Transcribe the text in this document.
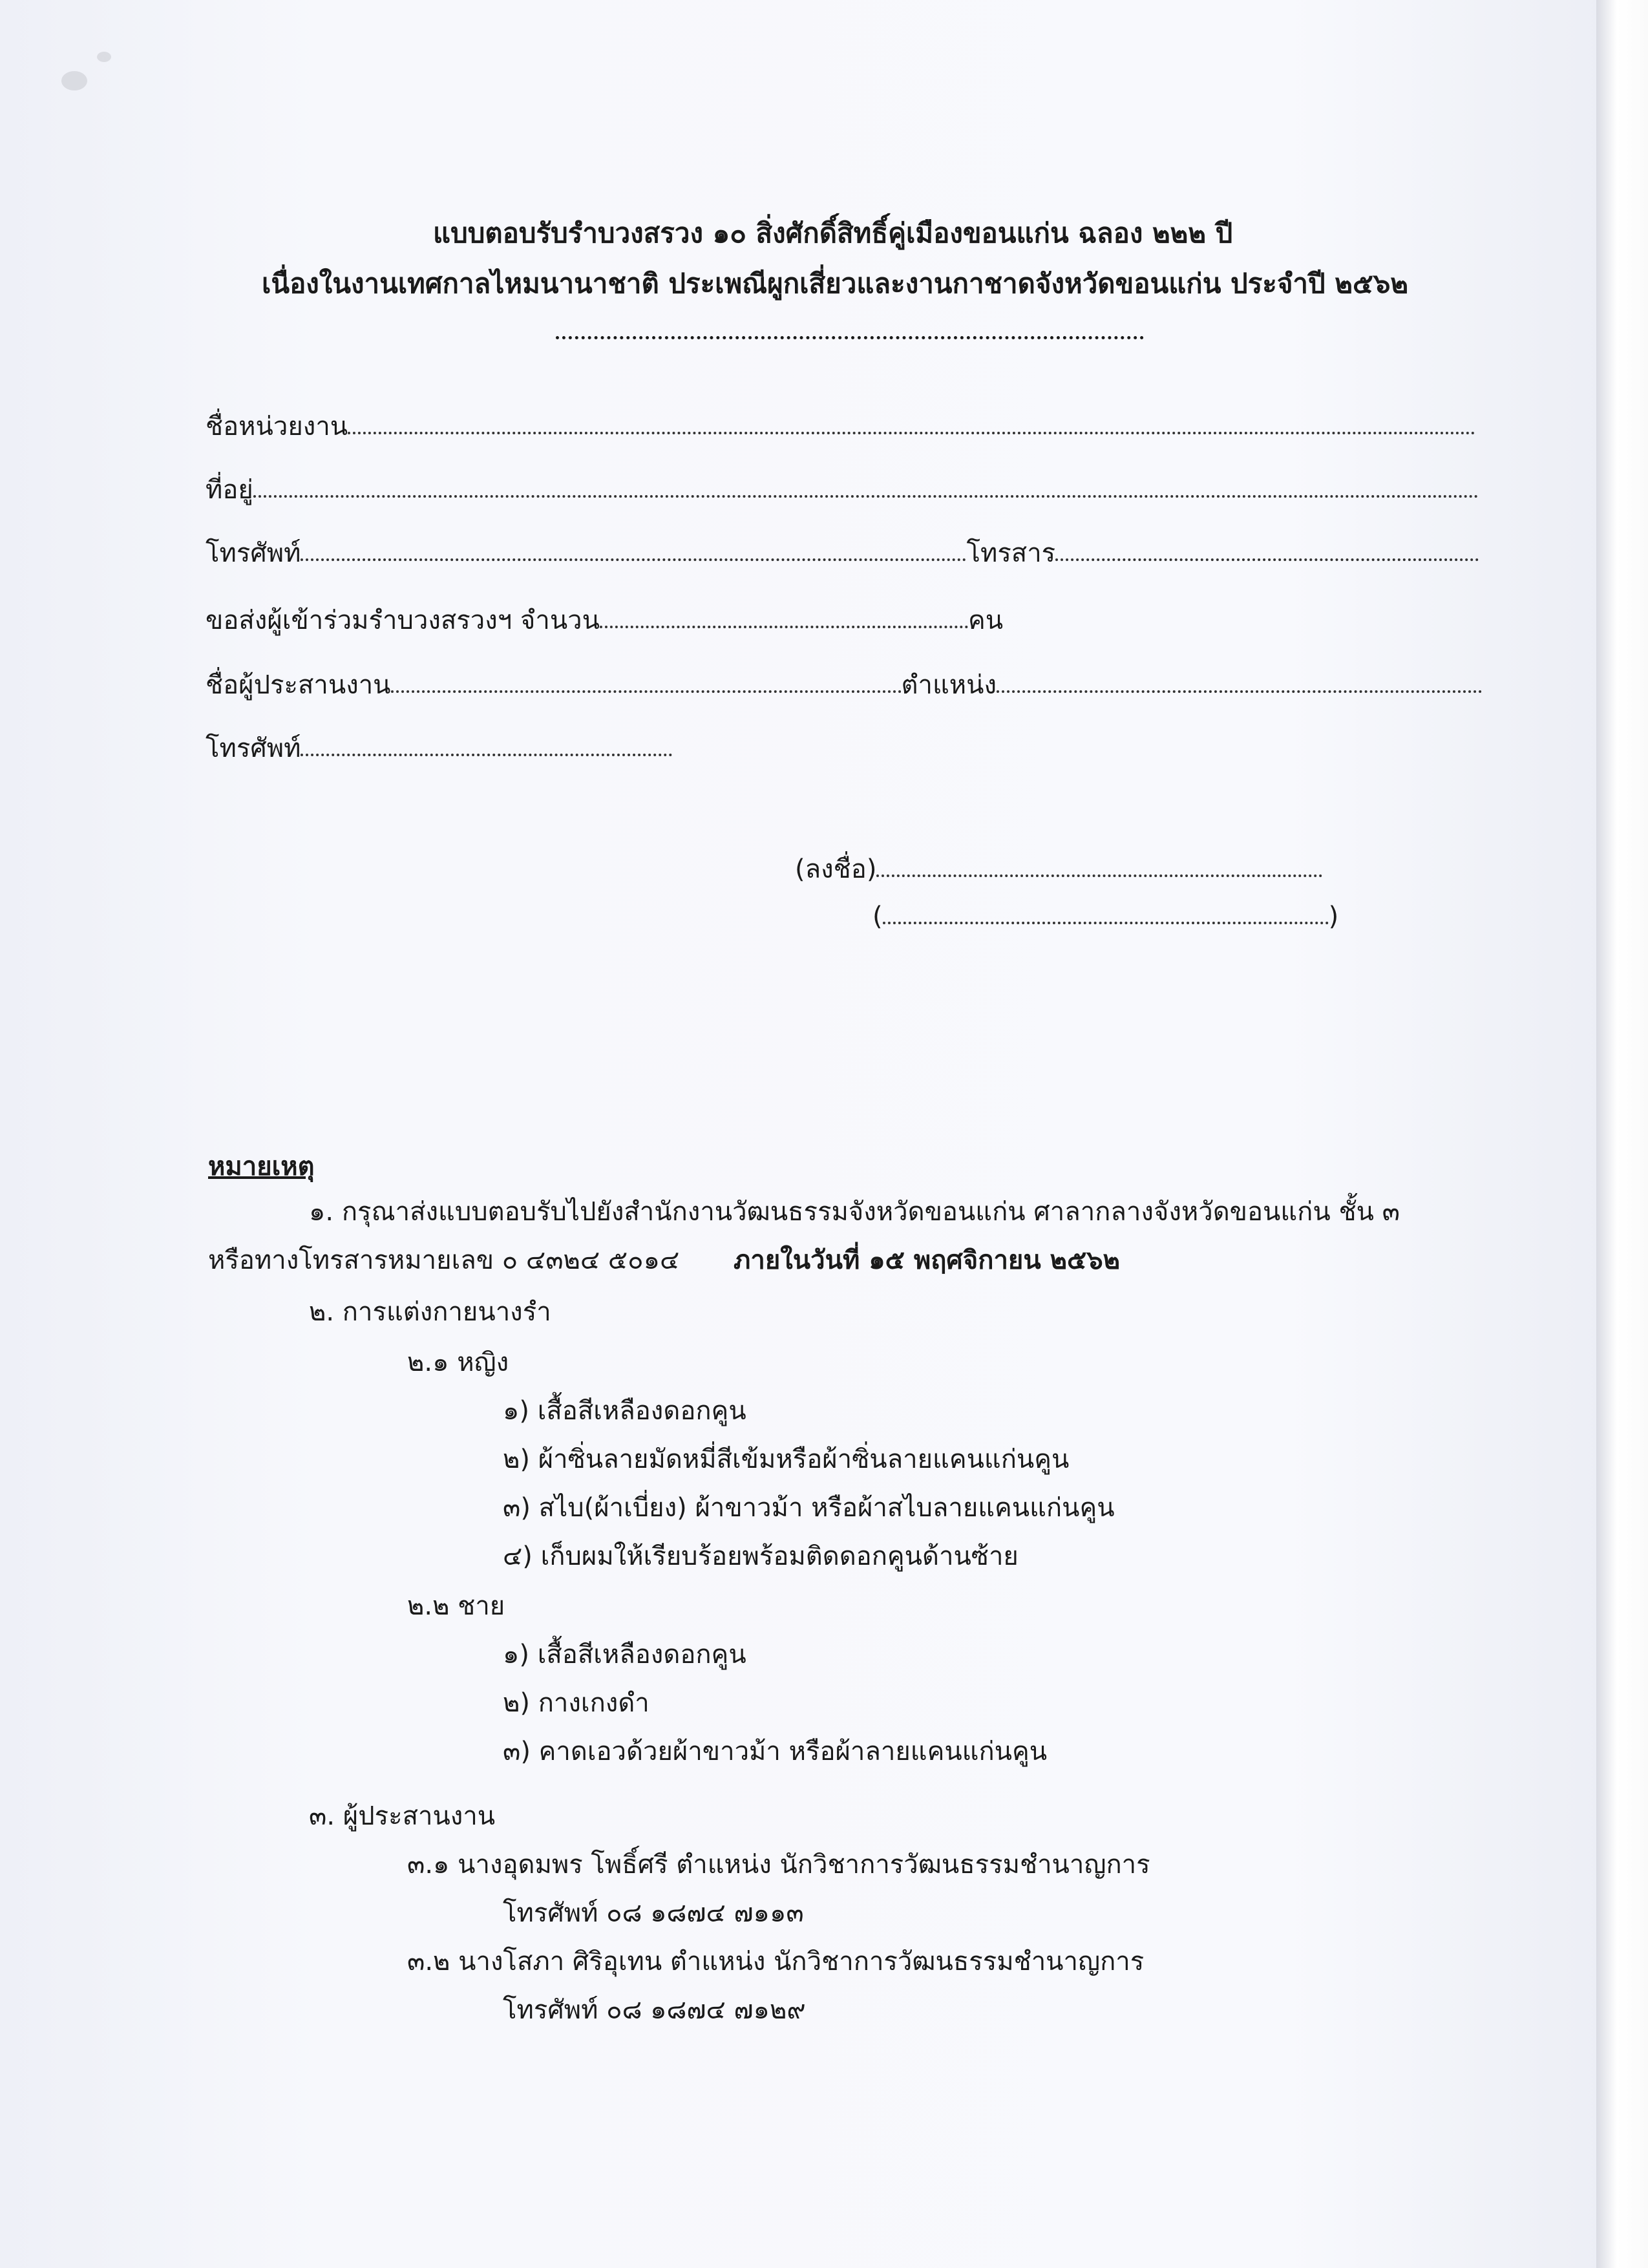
แบบตอบรับรำบวงสรวง ๑๐ สิ่งศักดิ์สิทธิ์คู่เมืองขอนแก่น ฉลอง ๒๒๒ ปี
เนื่องในงานเทศกาลไหมนานาชาติ ประเพณีผูกเสี่ยวและงานกาชาดจังหวัดขอนแก่น ประจำปี ๒๕๖๒
ชื่อหน่วยงาน
ที่อยู่
โทรศัพท์	โทรสาร
ขอส่งผู้เข้าร่วมรำบวงสรวงฯ จำนวน	คน
ชื่อผู้ประสานงาน	ตำแหน่ง
โทรศัพท์
(ลงชื่อ)
(	)
หมายเหตุ
๑. กรุณาส่งแบบตอบรับไปยังสำนักงานวัฒนธรรมจังหวัดขอนแก่น ศาลากลางจังหวัดขอนแก่น ชั้น ๓
หรือทางโทรสารหมายเลข ๐ ๔๓๒๔ ๕๐๑๔ ภายในวันที่ ๑๕ พฤศจิกายน ๒๕๖๒
๒. การแต่งกายนางรำ
๒.๑ หญิง
๑) เสื้อสีเหลืองดอกคูน
๒) ผ้าซิ่นลายมัดหมี่สีเข้มหรือผ้าซิ่นลายแคนแก่นคูน
๓) สไบ(ผ้าเบี่ยง) ผ้าขาวม้า หรือผ้าสไบลายแคนแก่นคูน
๔) เก็บผมให้เรียบร้อยพร้อมติดดอกคูนด้านซ้าย
๒.๒ ชาย
๑) เสื้อสีเหลืองดอกคูน
๒) กางเกงดำ
๓) คาดเอวด้วยผ้าขาวม้า หรือผ้าลายแคนแก่นคูน
๓. ผู้ประสานงาน
๓.๑ นางอุดมพร โพธิ์ศรี ตำแหน่ง นักวิชาการวัฒนธรรมชำนาญการ
โทรศัพท์ ๐๘ ๑๘๗๔ ๗๑๑๓
๓.๒ นางโสภา ศิริอุเทน ตำแหน่ง นักวิชาการวัฒนธรรมชำนาญการ
โทรศัพท์ ๐๘ ๑๘๗๔ ๗๑๒๙
